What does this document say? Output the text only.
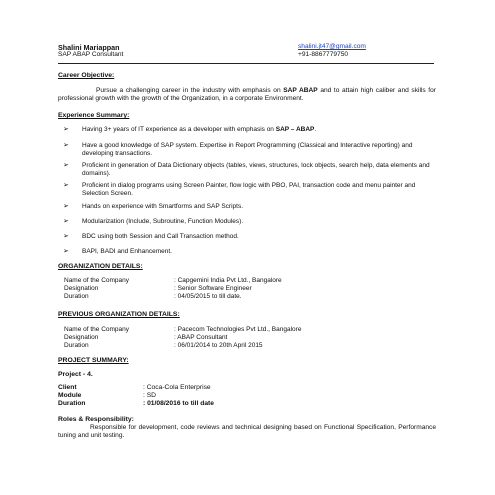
Shalini Mariappan
SAP ABAP Consultant
shalini.jt47@gmail.com
+91-8867779750
Career Objective:
Pursue a challenging career in the industry with emphasis on SAP ABAP and to attain high caliber and skills for professional growth with the growth of the Organization, in a corporate Environment.
Experience Summary:
➢ Having 3+ years of IT experience as a developer with emphasis on SAP – ABAP.
➢ Have a good knowledge of SAP system. Expertise in Report Programming (Classical and Interactive reporting) and developing transactions.
➢ Proficient in generation of Data Dictionary objects (tables, views, structures, lock objects, search help, data elements and domains).
➢ Proficient in dialog programs using Screen Painter, flow logic with PBO, PAI, transaction code and menu painter and Selection Screen.
➢ Hands on experience with Smartforms and SAP Scripts.
➢ Modularization (Include, Subroutine, Function Modules).
➢ BDC using both Session and Call Transaction method.
➢ BAPI, BADI and Enhancement.
ORGANIZATION DETAILS:
Name of the Company	: Capgemini India Pvt Ltd., Bangalore
Designation	: Senior Software Engineer
Duration	: 04/05/2015 to till date.
PREVIOUS ORGANIZATION DETAILS:
Name of the Company	: Pacecom Technologies Pvt Ltd., Bangalore
Designation	: ABAP Consultant
Duration	: 06/01/2014 to 20th April 2015
PROJECT SUMMARY:
Project - 4.
Client	: Coca-Cola Enterprise
Module	: SD
Duration	: 01/08/2016 to till date
Roles & Responsibility:
Responsible for development, code reviews and technical designing based on Functional Specification, Performance tuning and unit testing.
